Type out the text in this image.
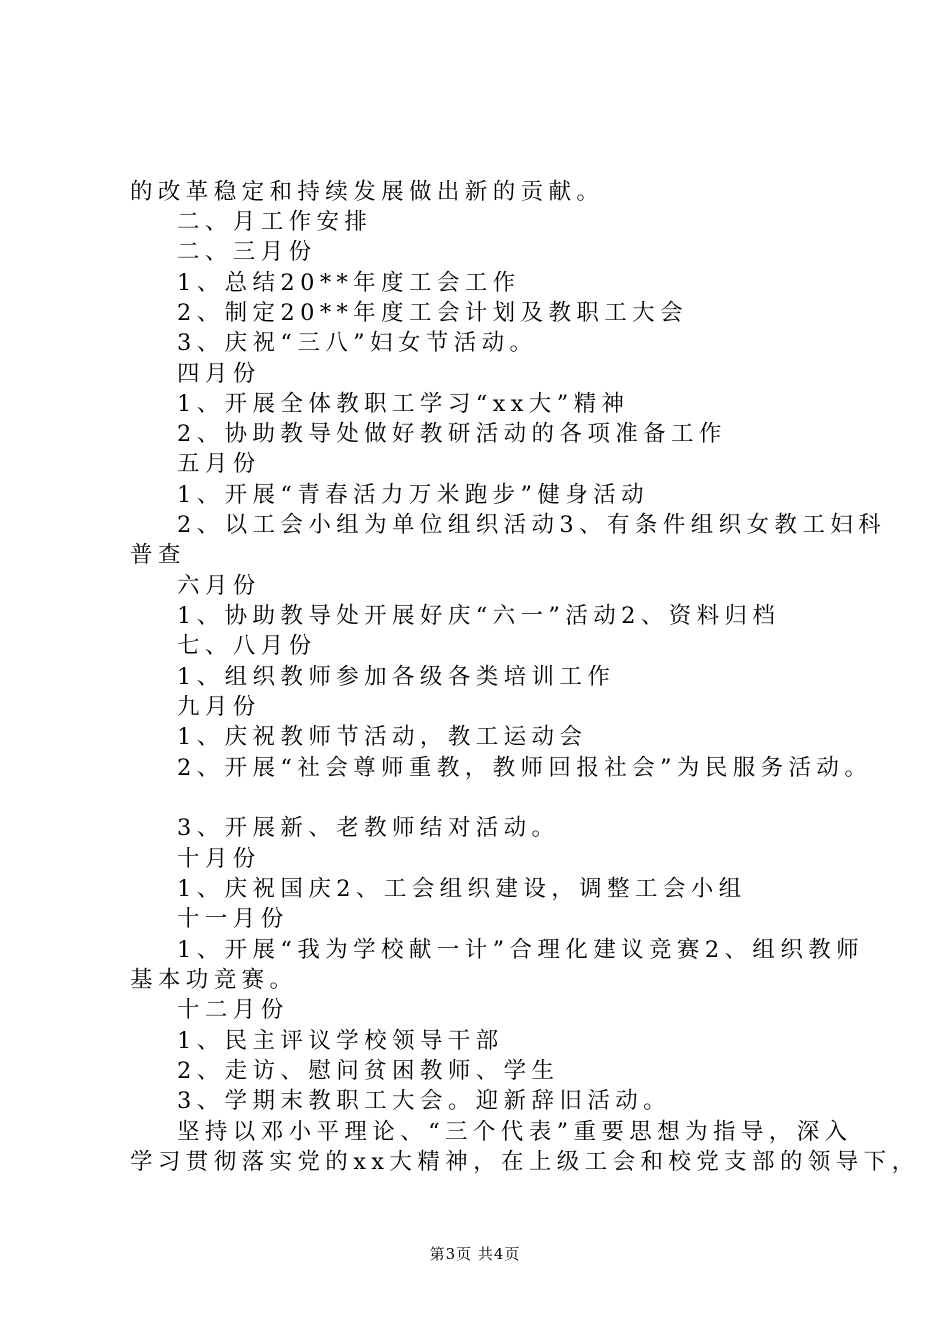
的改革稳定和持续发展做出新的贡献。
二、月工作安排
二、三月份
1、总结20**年度工会工作
2、制定20**年度工会计划及教职工大会
3、庆祝“三八”妇女节活动。
四月份
1、开展全体教职工学习“xx大”精神
2、协助教导处做好教研活动的各项准备工作
五月份
1、开展“青春活力万米跑步”健身活动
2、以工会小组为单位组织活动3、有条件组织女教工妇科
普查
六月份
1、协助教导处开展好庆“六一”活动2、资料归档
七、八月份
1、组织教师参加各级各类培训工作
九月份
1、庆祝教师节活动，教工运动会
2、开展“社会尊师重教，教师回报社会”为民服务活动。
3、开展新、老教师结对活动。
十月份
1、庆祝国庆2、工会组织建设，调整工会小组
十一月份
1、开展“我为学校献一计”合理化建议竞赛2、组织教师
基本功竞赛。
十二月份
1、民主评议学校领导干部
2、走访、慰问贫困教师、学生
3、学期末教职工大会。迎新辞旧活动。
坚持以邓小平理论、“三个代表”重要思想为指导，深入
学习贯彻落实党的xx大精神，在上级工会和校党支部的领导下，
第3页 共4页
